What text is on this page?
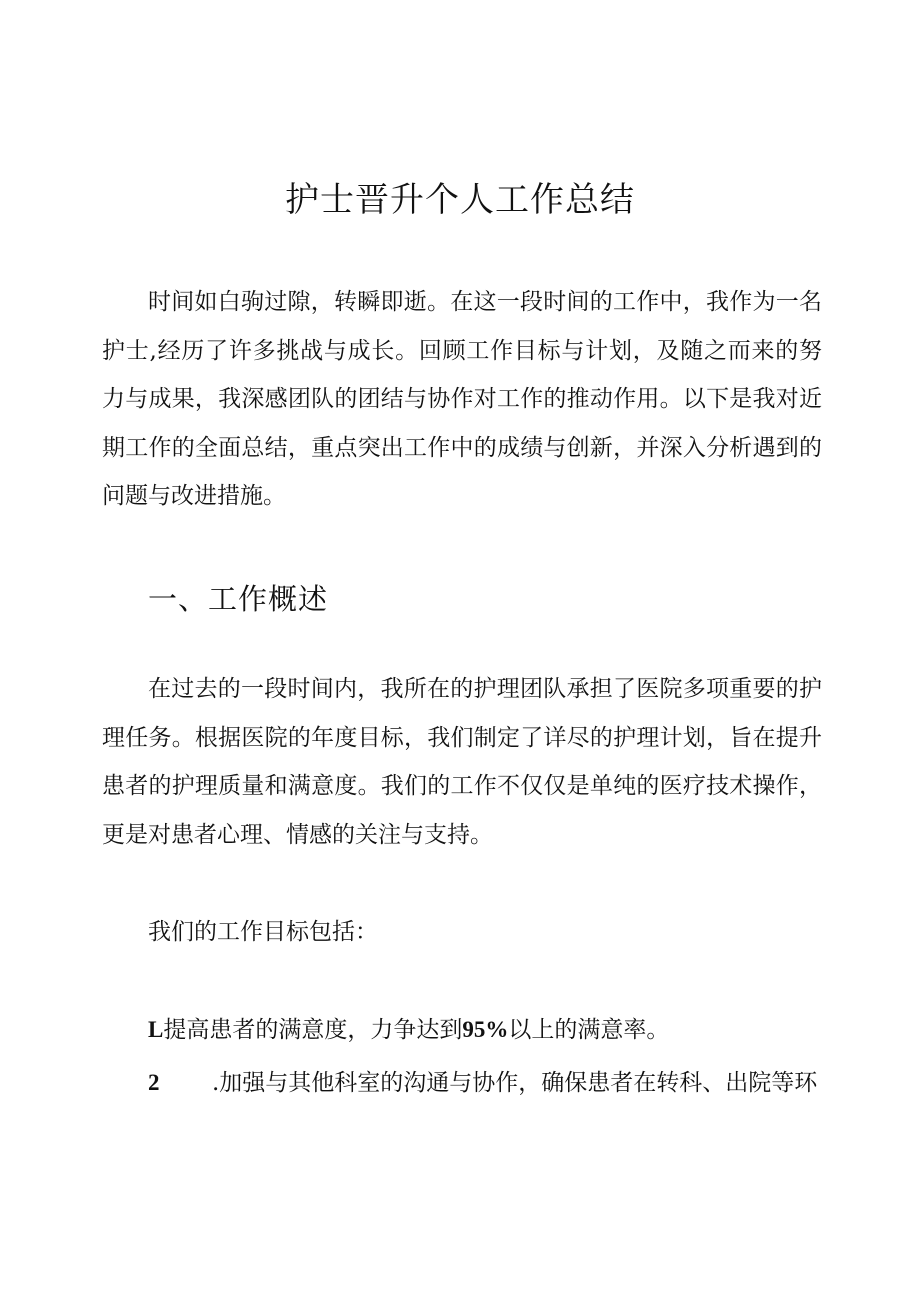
护士晋升个人工作总结

时间如白驹过隙，转瞬即逝。在这一段时间的工作中，我作为一名护士,经历了许多挑战与成长。回顾工作目标与计划，及随之而来的努力与成果，我深感团队的团结与协作对工作的推动作用。以下是我对近期工作的全面总结，重点突出工作中的成绩与创新，并深入分析遇到的问题与改进措施。

一、工作概述

在过去的一段时间内，我所在的护理团队承担了医院多项重要的护理任务。根据医院的年度目标，我们制定了详尽的护理计划，旨在提升患者的护理质量和满意度。我们的工作不仅仅是单纯的医疗技术操作，更是对患者心理、情感的关注与支持。

我们的工作目标包括：

L提高患者的满意度，力争达到95%以上的满意率。

2 .加强与其他科室的沟通与协作，确保患者在转科、出院等环
